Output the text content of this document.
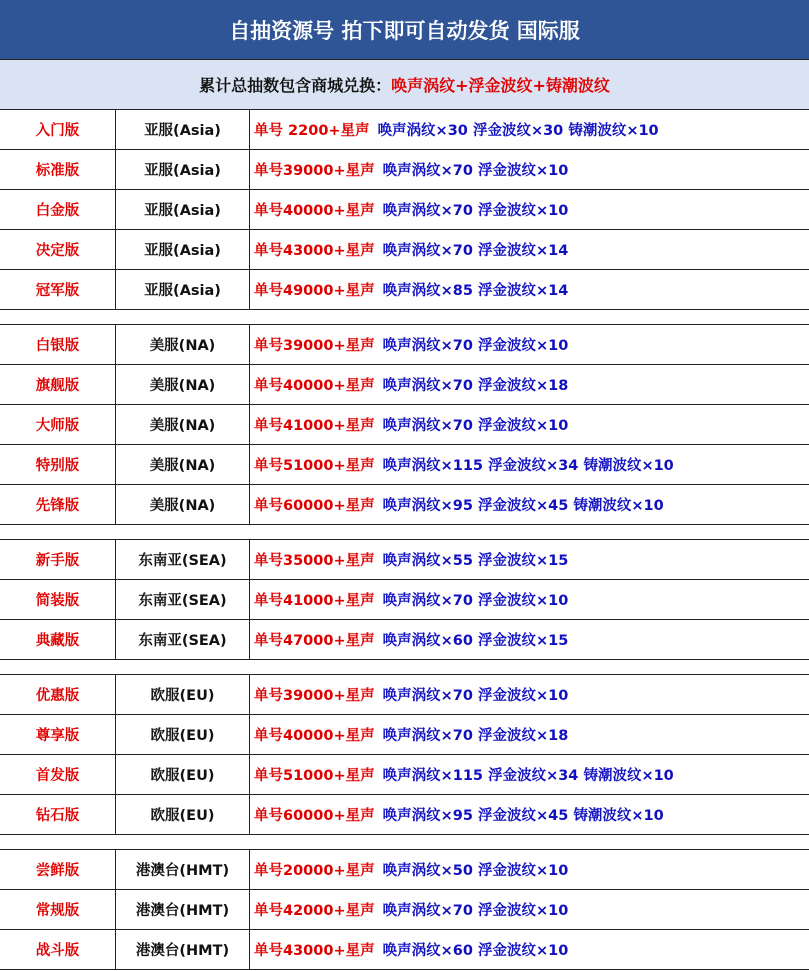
自抽资源号 拍下即可自动发货 国际服
累计总抽数包含商城兑换： 唤声涡纹+浮金波纹+铸潮波纹
入门版	亚服(Asia)	单号 2200+星声 唤声涡纹×30 浮金波纹×30 铸潮波纹×10
标准版	亚服(Asia)	单号39000+星声 唤声涡纹×70 浮金波纹×10
白金版	亚服(Asia)	单号40000+星声 唤声涡纹×70 浮金波纹×10
决定版	亚服(Asia)	单号43000+星声 唤声涡纹×70 浮金波纹×14
冠军版	亚服(Asia)	单号49000+星声 唤声涡纹×85 浮金波纹×14
白银版	美服(NA)	单号39000+星声 唤声涡纹×70 浮金波纹×10
旗舰版	美服(NA)	单号40000+星声 唤声涡纹×70 浮金波纹×18
大师版	美服(NA)	单号41000+星声 唤声涡纹×70 浮金波纹×10
特别版	美服(NA)	单号51000+星声 唤声涡纹×115 浮金波纹×34 铸潮波纹×10
先锋版	美服(NA)	单号60000+星声 唤声涡纹×95 浮金波纹×45 铸潮波纹×10
新手版	东南亚(SEA)	单号35000+星声 唤声涡纹×55 浮金波纹×15
简装版	东南亚(SEA)	单号41000+星声 唤声涡纹×70 浮金波纹×10
典藏版	东南亚(SEA)	单号47000+星声 唤声涡纹×60 浮金波纹×15
优惠版	欧服(EU)	单号39000+星声 唤声涡纹×70 浮金波纹×10
尊享版	欧服(EU)	单号40000+星声 唤声涡纹×70 浮金波纹×18
首发版	欧服(EU)	单号51000+星声 唤声涡纹×115 浮金波纹×34 铸潮波纹×10
钻石版	欧服(EU)	单号60000+星声 唤声涡纹×95 浮金波纹×45 铸潮波纹×10
尝鲜版	港澳台(HMT)	单号20000+星声 唤声涡纹×50 浮金波纹×10
常规版	港澳台(HMT)	单号42000+星声 唤声涡纹×70 浮金波纹×10
战斗版	港澳台(HMT)	单号43000+星声 唤声涡纹×60 浮金波纹×10
